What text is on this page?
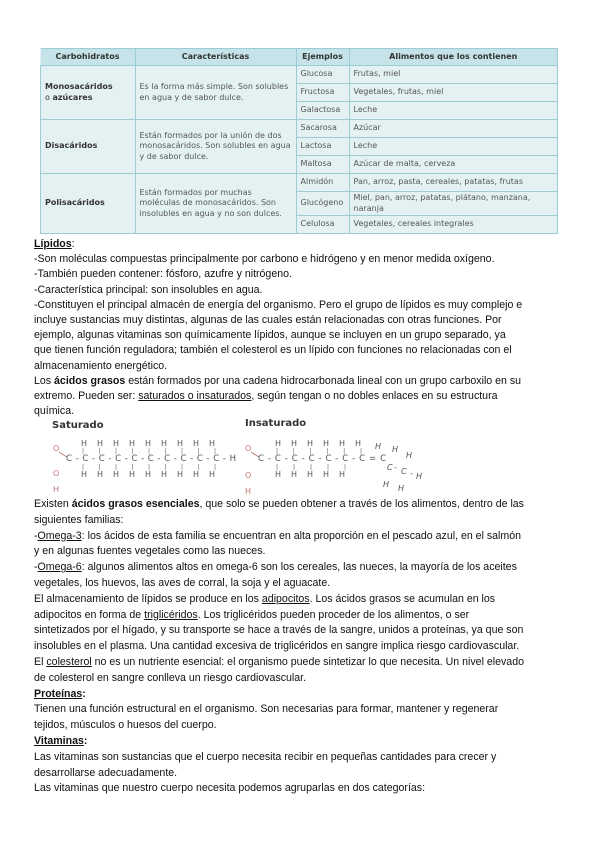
Carbohidratos	Características	Ejemplos	Alimentos que los contienen
Monosacáridos
o azúcares	Es la forma más simple. Son solubles en agua y de sabor dulce.	Glucosa	Frutas, miel
		Fructosa	Vegetales, frutas, miel
		Galactosa	Leche
Disacáridos	Están formados por la unión de dos monosacáridos. Son solubles en agua y de sabor dulce.	Sacarosa	Azúcar
		Lactosa	Leche
		Maltosa	Azúcar de malta, cerveza
Polisacáridos	Están formados por muchas moléculas de monosacáridos. Son insolubles en agua y no son dulces.	Almidón	Pan, arroz, pasta, cereales, patatas, frutas
		Glucógeno	Miel, pan, arroz, patatas, plátano, manzana, naranja
		Celulosa	Vegetales, cereales integrales
Lípidos:
-Son moléculas compuestas principalmente por carbono e hidrógeno y en menor medida oxígeno.
-También pueden contener: fósforo, azufre y nitrógeno.
-Característica principal: son insolubles en agua.
-Constituyen el principal almacén de energía del organismo. Pero el grupo de lípidos es muy complejo e
incluye sustancias muy distintas, algunas de las cuales están relacionadas con otras funciones. Por
ejemplo, algunas vitaminas son químicamente lípidos, aunque se incluyen en un grupo separado, ya
que tienen función reguladora; también el colesterol es un lípido con funciones no relacionadas con el
almacenamiento energético.
Los ácidos grasos están formados por una cadena hidrocarbonada lineal con un grupo carboxilo en su
extremo. Pueden ser: saturados o insaturados, según tengan o no dobles enlaces en su estructura
química.
Saturado
O
C-C-C-C-C-C-C-C-C-C-H
H H H H H H H H H
| | | | | | | | |
| | | | | | | | |
H H H H H H H H H
O
H
Insaturado
O
C-C-C-C-C-C-C=C
H H H H H H
| | | | | |
| | | | |
H H H H H
H H
H
C - C - H
H H
O
H
Existen ácidos grasos esenciales, que solo se pueden obtener a través de los alimentos, dentro de las
siguientes familias:
-Omega-3: los ácidos de esta familia se encuentran en alta proporción en el pescado azul, en el salmón
y en algunas fuentes vegetales como las nueces.
-Omega-6: algunos alimentos altos en omega-6 son los cereales, las nueces, la mayoría de los aceites
vegetales, los huevos, las aves de corral, la soja y el aguacate.
El almacenamiento de lípidos se produce en los adipocitos. Los ácidos grasos se acumulan en los
adipocitos en forma de triglicéridos. Los triglicéridos pueden proceder de los alimentos, o ser
sintetizados por el hígado, y su transporte se hace a través de la sangre, unidos a proteínas, ya que son
insolubles en el plasma. Una cantidad excesiva de triglicéridos en sangre implica riesgo cardiovascular.
El colesterol no es un nutriente esencial: el organismo puede sintetizar lo que necesita. Un nivel elevado
de colesterol en sangre conlleva un riesgo cardiovascular.
Proteínas:
Tienen una función estructural en el organismo. Son necesarias para formar, mantener y regenerar
tejidos, músculos o huesos del cuerpo.
Vitaminas:
Las vitaminas son sustancias que el cuerpo necesita recibir en pequeñas cantidades para crecer y
desarrollarse adecuadamente.
Las vitaminas que nuestro cuerpo necesita podemos agruparlas en dos categorías:
